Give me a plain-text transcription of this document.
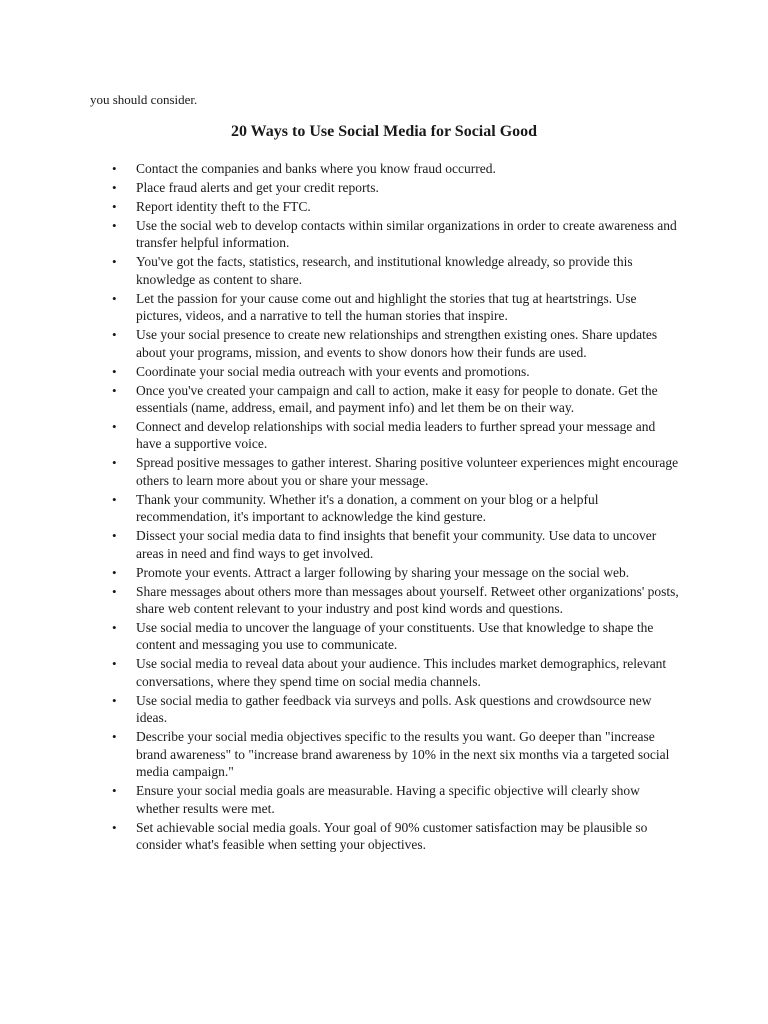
you should consider.
20 Ways to Use Social Media for Social Good
• Contact the companies and banks where you know fraud occurred.
• Place fraud alerts and get your credit reports.
• Report identity theft to the FTC.
• Use the social web to develop contacts within similar organizations in order to create awareness and transfer helpful information.
• You've got the facts, statistics, research, and institutional knowledge already, so provide this knowledge as content to share.
• Let the passion for your cause come out and highlight the stories that tug at heartstrings. Use pictures, videos, and a narrative to tell the human stories that inspire.
• Use your social presence to create new relationships and strengthen existing ones. Share updates about your programs, mission, and events to show donors how their funds are used.
• Coordinate your social media outreach with your events and promotions.
• Once you've created your campaign and call to action, make it easy for people to donate. Get the essentials (name, address, email, and payment info) and let them be on their way.
• Connect and develop relationships with social media leaders to further spread your message and have a supportive voice.
• Spread positive messages to gather interest. Sharing positive volunteer experiences might encourage others to learn more about you or share your message.
• Thank your community. Whether it's a donation, a comment on your blog or a helpful recommendation, it's important to acknowledge the kind gesture.
• Dissect your social media data to find insights that benefit your community. Use data to uncover areas in need and find ways to get involved.
• Promote your events. Attract a larger following by sharing your message on the social web.
• Share messages about others more than messages about yourself. Retweet other organizations' posts, share web content relevant to your industry and post kind words and questions.
• Use social media to uncover the language of your constituents. Use that knowledge to shape the content and messaging you use to communicate.
• Use social media to reveal data about your audience. This includes market demographics, relevant conversations, where they spend time on social media channels.
• Use social media to gather feedback via surveys and polls. Ask questions and crowdsource new ideas.
• Describe your social media objectives specific to the results you want. Go deeper than "increase brand awareness" to "increase brand awareness by 10% in the next six months via a targeted social media campaign."
• Ensure your social media goals are measurable. Having a specific objective will clearly show whether results were met.
• Set achievable social media goals. Your goal of 90% customer satisfaction may be plausible so consider what's feasible when setting your objectives.
